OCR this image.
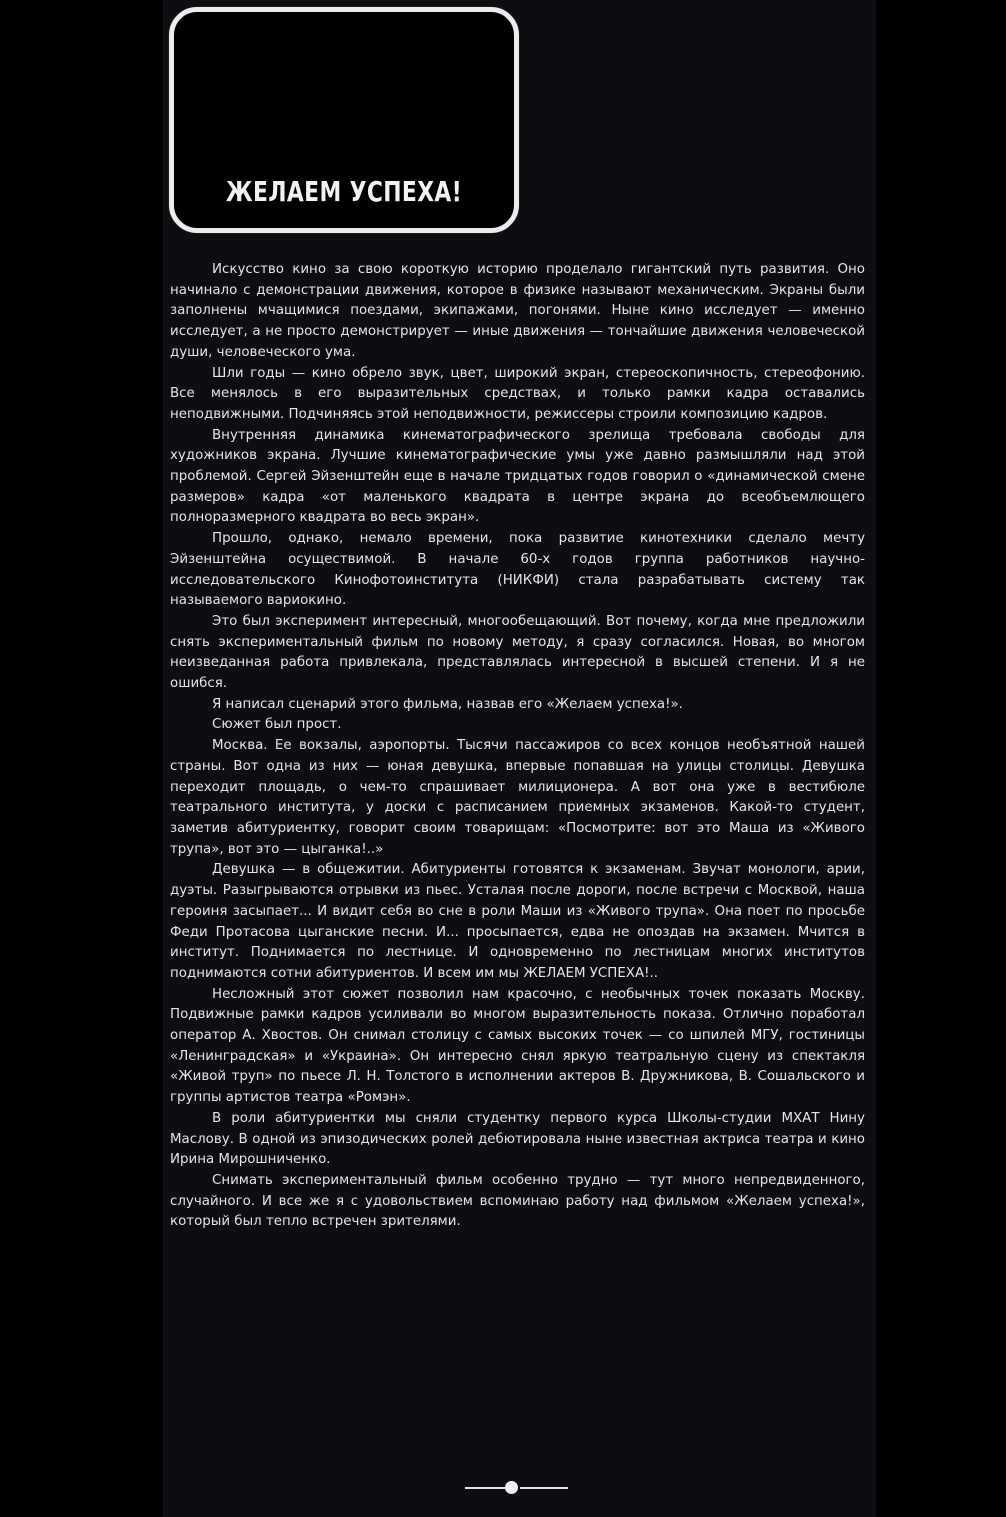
ЖЕЛАЕМ УСПЕХА!

Искусство кино за свою короткую историю проделало гигантский путь развития. Оно начинало с демонстрации движения, которое в физике называют механическим. Экраны были заполнены мчащимися поездами, экипажами, погонями. Ныне кино исследует — именно исследует, а не просто демонстрирует — иные движения — тончайшие движения человеческой души, человеческого ума.

Шли годы — кино обрело звук, цвет, широкий экран, стереоскопичность, стереофонию. Все менялось в его выразительных средствах, и только рамки кадра оставались неподвижными. Подчиняясь этой неподвижности, режиссеры строили композицию кадров.

Внутренняя динамика кинематографического зрелища требовала свободы для художников экрана. Лучшие кинематографические умы уже давно размышляли над этой проблемой. Сергей Эйзенштейн еще в начале тридцатых годов говорил о «динамической смене размеров» кадра «от маленького квадрата в центре экрана до всеобъемлющего полноразмерного квадрата во весь экран».

Прошло, однако, немало времени, пока развитие кинотехники сделало мечту Эйзенштейна осуществимой. В начале 60-х годов группа работников научно-исследовательского Кинофотоинститута (НИКФИ) стала разрабатывать систему так называемого вариокино.

Это был эксперимент интересный, многообещающий. Вот почему, когда мне предложили снять экспериментальный фильм по новому методу, я сразу согласился. Новая, во многом неизведанная работа привлекала, представлялась интересной в высшей степени. И я не ошибся.

Я написал сценарий этого фильма, назвав его «Желаем успеха!».

Сюжет был прост.

Москва. Ее вокзалы, аэропорты. Тысячи пассажиров со всех концов необъятной нашей страны. Вот одна из них — юная девушка, впервые попавшая на улицы столицы. Девушка переходит площадь, о чем-то спрашивает милиционера. А вот она уже в вестибюле театрального института, у доски с расписанием приемных экзаменов. Какой-то студент, заметив абитуриентку, говорит своим товарищам: «Посмотрите: вот это Маша из «Живого трупа», вот это — цыганка!..»

Девушка — в общежитии. Абитуриенты готовятся к экзаменам. Звучат монологи, арии, дуэты. Разыгрываются отрывки из пьес. Усталая после дороги, после встречи с Москвой, наша героиня засыпает... И видит себя во сне в роли Маши из «Живого трупа». Она поет по просьбе Феди Протасова цыганские песни. И... просыпается, едва не опоздав на экзамен. Мчится в институт. Поднимается по лестнице. И одновременно по лестницам многих институтов поднимаются сотни абитуриентов. И всем им мы ЖЕЛАЕМ УСПЕХА!..

Несложный этот сюжет позволил нам красочно, с необычных точек показать Москву. Подвижные рамки кадров усиливали во многом выразительность показа. Отлично поработал оператор А. Хвостов. Он снимал столицу с самых высоких точек — со шпилей МГУ, гостиницы «Ленинградская» и «Украина». Он интересно снял яркую театральную сцену из спектакля «Живой труп» по пьесе Л. Н. Толстого в исполнении актеров В. Дружникова, В. Сошальского и группы артистов театра «Ромэн».

В роли абитуриентки мы сняли студентку первого курса Школы-студии МХАТ Нину Маслову. В одной из эпизодических ролей дебютировала ныне известная актриса театра и кино Ирина Мирошниченко.

Снимать экспериментальный фильм особенно трудно — тут много непредвиденного, случайного. И все же я с удовольствием вспоминаю работу над фильмом «Желаем успеха!», который был тепло встречен зрителями.
